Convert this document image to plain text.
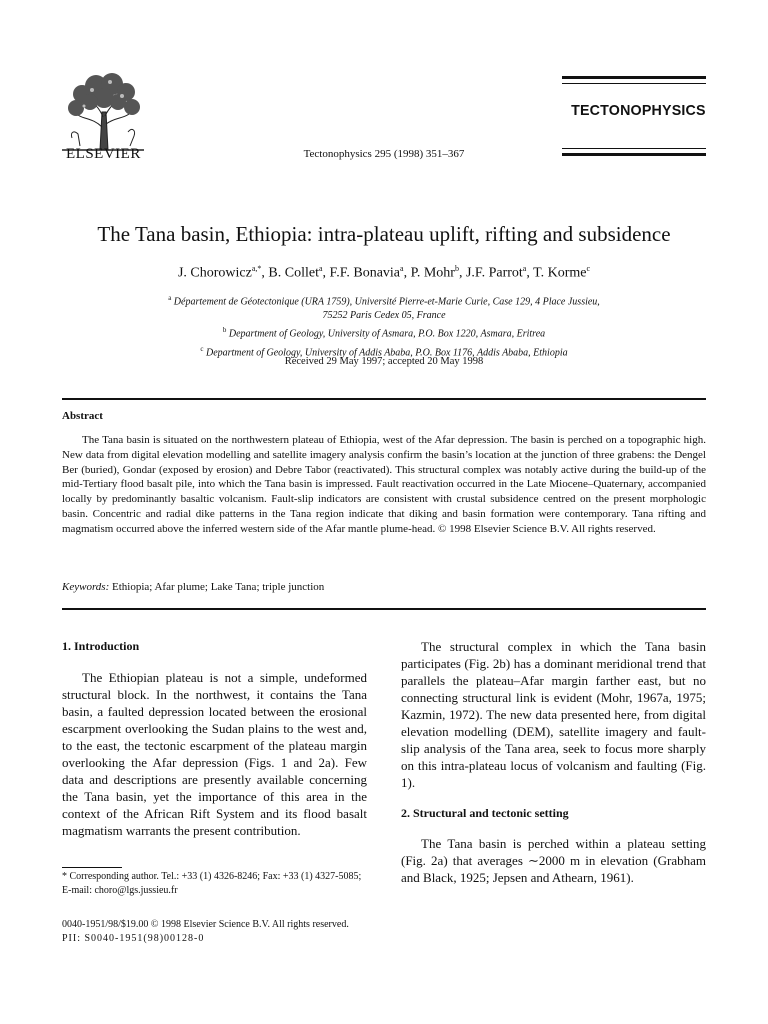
ELSEVIER	Tectonophysics 295 (1998) 351–367
TECTONOPHYSICS
The Tana basin, Ethiopia: intra-plateau uplift, rifting and subsidence
J. Chorowicz$^{a,*}$, B. Collet$^a$, F.F. Bonavia$^a$, P. Mohr$^b$, J.F. Parrot$^a$, T. Korme$^c$
$^a$ Département de Géotectonique (URA 1759), Université Pierre-et-Marie Curie, Case 129, 4 Place Jussieu,
75252 Paris Cedex 05, France
$^b$ Department of Geology, University of Asmara, P.O. Box 1220, Asmara, Eritrea
$^c$ Department of Geology, University of Addis Ababa, P.O. Box 1176, Addis Ababa, Ethiopia
Received 29 May 1997; accepted 20 May 1998
Abstract

The Tana basin is situated on the northwestern plateau of Ethiopia, west of the Afar depression. The basin is perched on a topographic high. New data from digital elevation modelling and satellite imagery analysis confirm the basin’s location at the junction of three grabens: the Dengel Ber (buried), Gondar (exposed by erosion) and Debre Tabor (reactivated). This structural complex was notably active during the build-up of the mid-Tertiary flood basalt pile, into which the Tana basin is impressed. Fault reactivation occurred in the Late Miocene–Quaternary, accompanied locally by predominantly basaltic volcanism. Fault-slip indicators are consistent with crustal subsidence centred on the present morphologic basin. Concentric and radial dike patterns in the Tana region indicate that diking and basin formation were contemporary. Tana rifting and magmatism occurred above the inferred western side of the Afar mantle plume-head. © 1998 Elsevier Science B.V. All rights reserved.

Keywords: Ethiopia; Afar plume; Lake Tana; triple junction
1. Introduction

The Ethiopian plateau is not a simple, undeformed structural block. In the northwest, it contains the Tana basin, a faulted depression located between the erosional escarpment overlooking the Sudan plains to the west and, to the east, the tectonic escarpment of the plateau margin overlooking the Afar depression (Figs. 1 and 2a). Few data and descriptions are presently available concerning the Tana basin, yet the importance of this area in the context of the African Rift System and its flood basalt magmatism warrants the present contribution.

The structural complex in which the Tana basin participates (Fig. 2b) has a dominant meridional trend that parallels the plateau–Afar margin farther east, but no connecting structural link is evident (Mohr, 1967a, 1975; Kazmin, 1972). The new data presented here, from digital elevation modelling (DEM), satellite imagery and fault-slip analysis of the Tana area, seek to focus more sharply on this intra-plateau locus of volcanism and faulting (Fig. 1).

2. Structural and tectonic setting

The Tana basin is perched within a plateau setting (Fig. 2a) that averages ∼2000 m in elevation (Grabham and Black, 1925; Jepsen and Athearn, 1961).

* Corresponding author. Tel.: +33 (1) 4326-8246; Fax: +33 (1) 4327-5085; E-mail: choro@lgs.jussieu.fr
0040-1951/98/$19.00 © 1998 Elsevier Science B.V. All rights reserved.
PII: S0040-1951(98)00128-0
